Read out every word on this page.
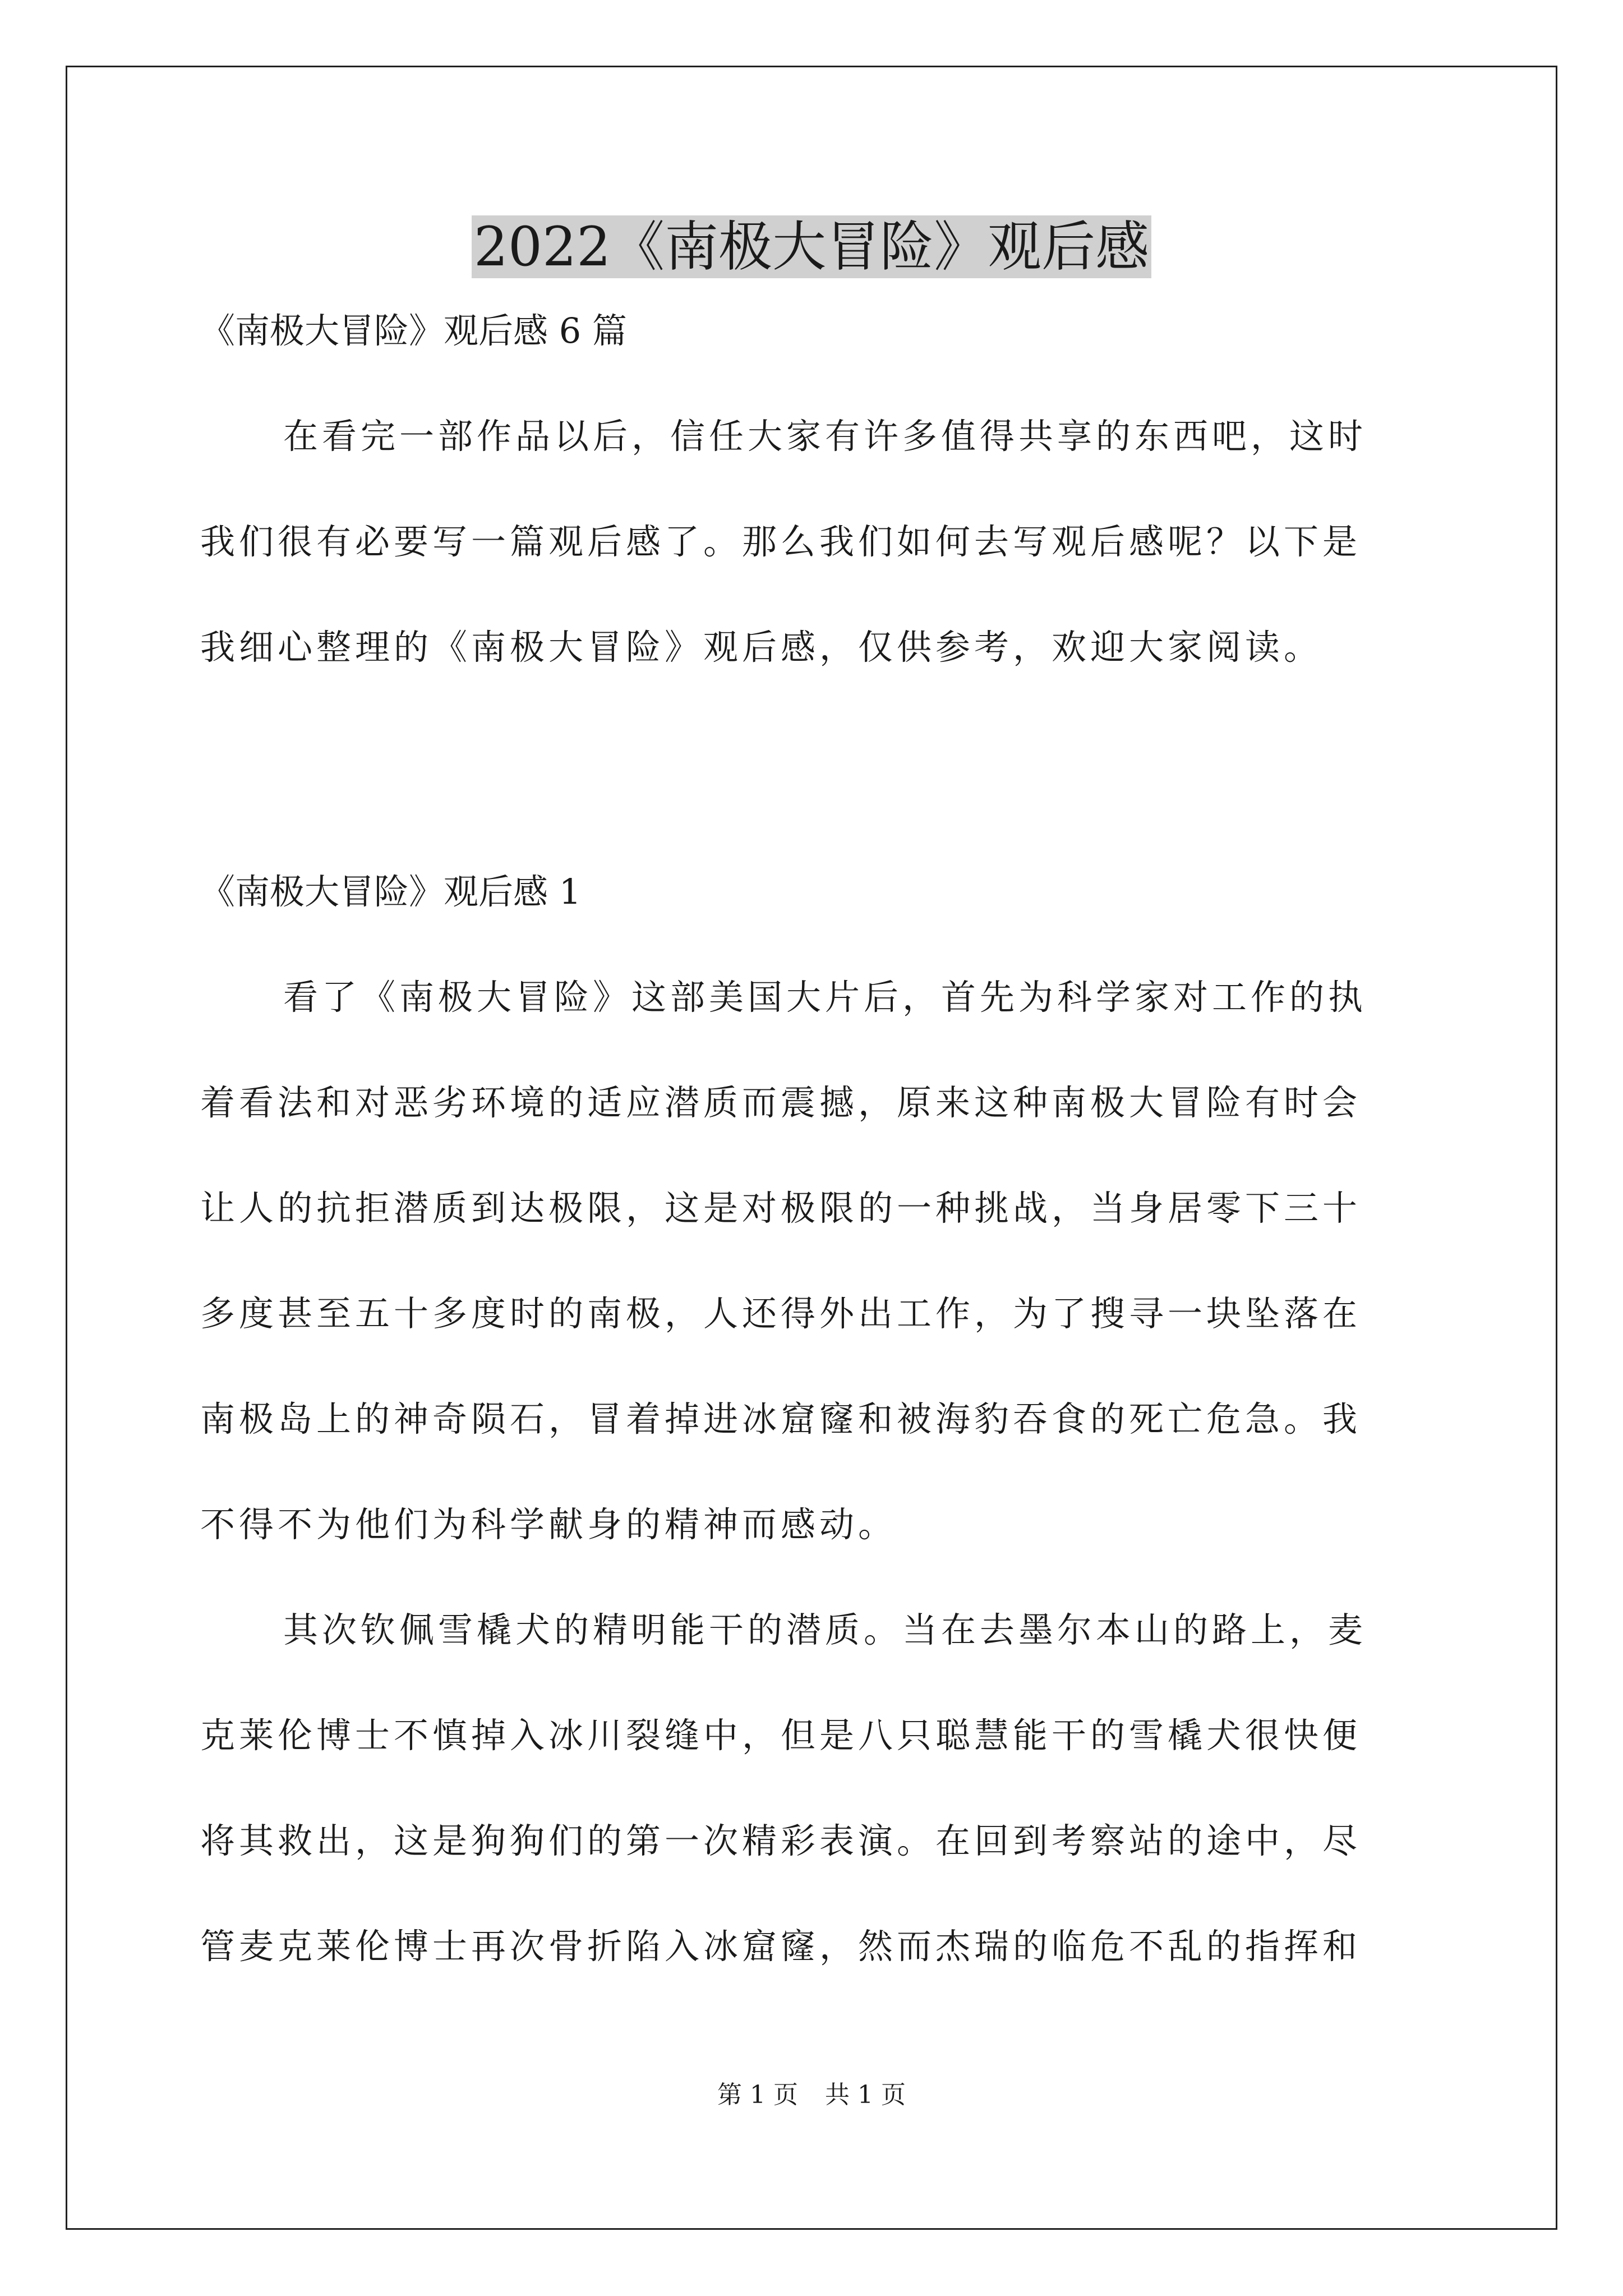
2022《南极大冒险》观后感

《南极大冒险》观后感 6 篇

在看完一部作品以后，信任大家有许多值得共享的东西吧，这时
我们很有必要写一篇观后感了。那么我们如何去写观后感呢？以下是
我细心整理的《南极大冒险》观后感，仅供参考，欢迎大家阅读。

《南极大冒险》观后感 1

看了《南极大冒险》这部美国大片后，首先为科学家对工作的执
着看法和对恶劣环境的适应潜质而震撼，原来这种南极大冒险有时会
让人的抗拒潜质到达极限，这是对极限的一种挑战，当身居零下三十
多度甚至五十多度时的南极，人还得外出工作，为了搜寻一块坠落在
南极岛上的神奇陨石，冒着掉进冰窟窿和被海豹吞食的死亡危急。我
不得不为他们为科学献身的精神而感动。
其次钦佩雪橇犬的精明能干的潜质。当在去墨尔本山的路上，麦
克莱伦博士不慎掉入冰川裂缝中，但是八只聪慧能干的雪橇犬很快便
将其救出，这是狗狗们的第一次精彩表演。在回到考察站的途中，尽
管麦克莱伦博士再次骨折陷入冰窟窿，然而杰瑞的临危不乱的指挥和
第 1 页 共 1 页
